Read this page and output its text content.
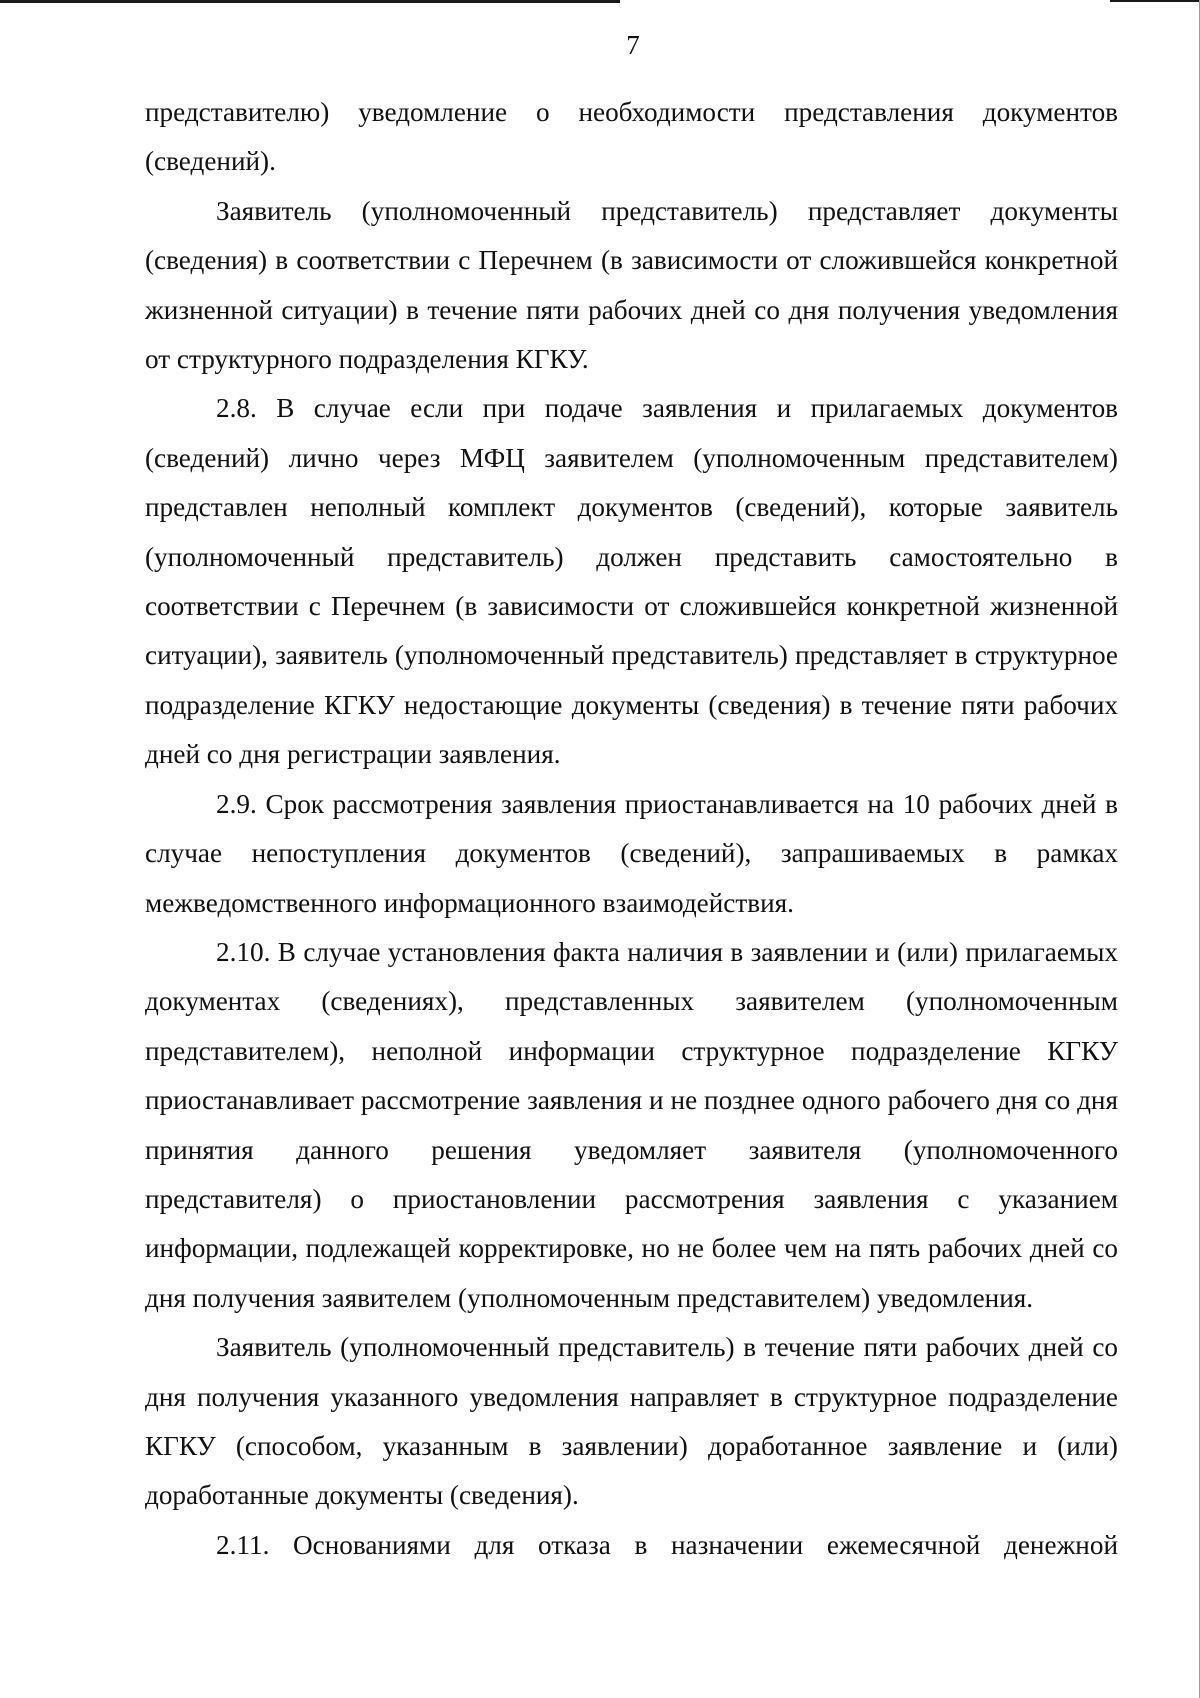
7

представителю) уведомление о необходимости представления документов (сведений).

Заявитель (уполномоченный представитель) представляет документы (сведения) в соответствии с Перечнем (в зависимости от сложившейся конкретной жизненной ситуации) в течение пяти рабочих дней со дня получения уведомления от структурного подразделения КГКУ.

2.8. В случае если при подаче заявления и прилагаемых документов (сведений) лично через МФЦ заявителем (уполномоченным представителем) представлен неполный комплект документов (сведений), которые заявитель (уполномоченный представитель) должен представить самостоятельно в соответствии с Перечнем (в зависимости от сложившейся конкретной жизненной ситуации), заявитель (уполномоченный представитель) представляет в структурное подразделение КГКУ недостающие документы (сведения) в течение пяти рабочих дней со дня регистрации заявления.

2.9. Срок рассмотрения заявления приостанавливается на 10 рабочих дней в случае непоступления документов (сведений), запрашиваемых в рамках межведомственного информационного взаимодействия.

2.10. В случае установления факта наличия в заявлении и (или) прилагаемых документах (сведениях), представленных заявителем (уполномоченным представителем), неполной информации структурное подразделение КГКУ приостанавливает рассмотрение заявления и не позднее одного рабочего дня со дня принятия данного решения уведомляет заявителя (уполномоченного представителя) о приостановлении рассмотрения заявления с указанием информации, подлежащей корректировке, но не более чем на пять рабочих дней со дня получения заявителем (уполномоченным представителем) уведомления.

Заявитель (уполномоченный представитель) в течение пяти рабочих дней со дня получения указанного уведомления направляет в структурное подразделение КГКУ (способом, указанным в заявлении) доработанное заявление и (или) доработанные документы (сведения).

2.11. Основаниями для отказа в назначении ежемесячной денежной
